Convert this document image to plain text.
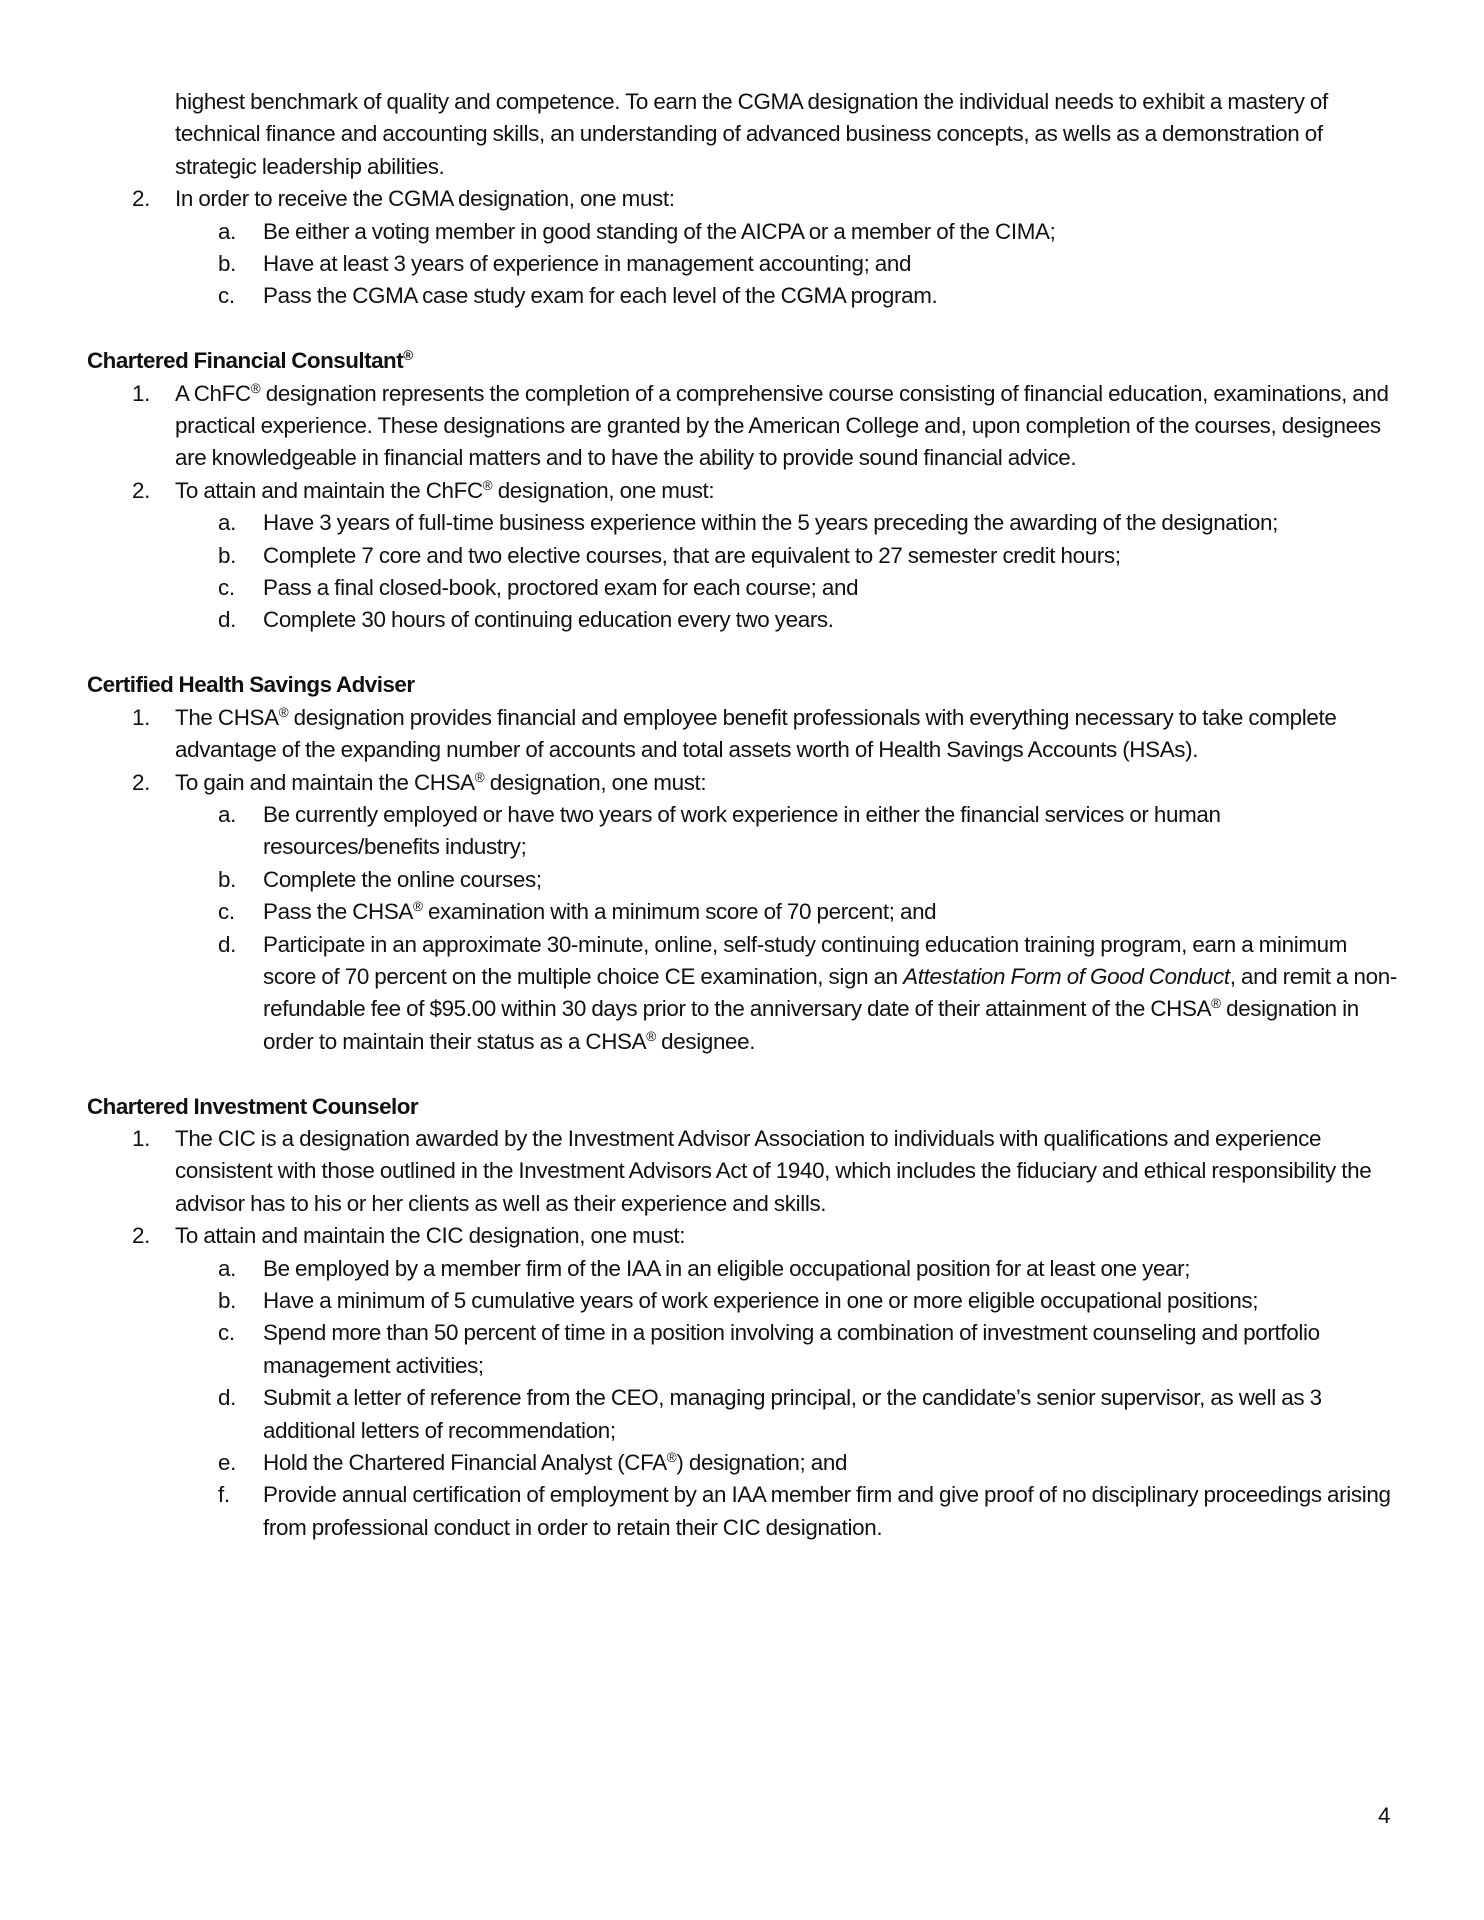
highest benchmark of quality and competence. To earn the CGMA designation the individual needs to exhibit a mastery of technical finance and accounting skills, an understanding of advanced business concepts, as wells as a demonstration of strategic leadership abilities.
2. In order to receive the CGMA designation, one must:
a. Be either a voting member in good standing of the AICPA or a member of the CIMA;
b. Have at least 3 years of experience in management accounting; and
c. Pass the CGMA case study exam for each level of the CGMA program.
Chartered Financial Consultant®
1. A ChFC® designation represents the completion of a comprehensive course consisting of financial education, examinations, and practical experience. These designations are granted by the American College and, upon completion of the courses, designees are knowledgeable in financial matters and to have the ability to provide sound financial advice.
2. To attain and maintain the ChFC® designation, one must:
a. Have 3 years of full-time business experience within the 5 years preceding the awarding of the designation;
b. Complete 7 core and two elective courses, that are equivalent to 27 semester credit hours;
c. Pass a final closed-book, proctored exam for each course; and
d. Complete 30 hours of continuing education every two years.
Certified Health Savings Adviser
1. The CHSA® designation provides financial and employee benefit professionals with everything necessary to take complete advantage of the expanding number of accounts and total assets worth of Health Savings Accounts (HSAs).
2. To gain and maintain the CHSA® designation, one must:
a. Be currently employed or have two years of work experience in either the financial services or human resources/benefits industry;
b. Complete the online courses;
c. Pass the CHSA® examination with a minimum score of 70 percent; and
d. Participate in an approximate 30-minute, online, self-study continuing education training program, earn a minimum score of 70 percent on the multiple choice CE examination, sign an Attestation Form of Good Conduct, and remit a non-refundable fee of $95.00 within 30 days prior to the anniversary date of their attainment of the CHSA® designation in order to maintain their status as a CHSA® designee.
Chartered Investment Counselor
1. The CIC is a designation awarded by the Investment Advisor Association to individuals with qualifications and experience consistent with those outlined in the Investment Advisors Act of 1940, which includes the fiduciary and ethical responsibility the advisor has to his or her clients as well as their experience and skills.
2. To attain and maintain the CIC designation, one must:
a. Be employed by a member firm of the IAA in an eligible occupational position for at least one year;
b. Have a minimum of 5 cumulative years of work experience in one or more eligible occupational positions;
c. Spend more than 50 percent of time in a position involving a combination of investment counseling and portfolio management activities;
d. Submit a letter of reference from the CEO, managing principal, or the candidate’s senior supervisor, as well as 3 additional letters of recommendation;
e. Hold the Chartered Financial Analyst (CFA®) designation; and
f. Provide annual certification of employment by an IAA member firm and give proof of no disciplinary proceedings arising from professional conduct in order to retain their CIC designation.
4
